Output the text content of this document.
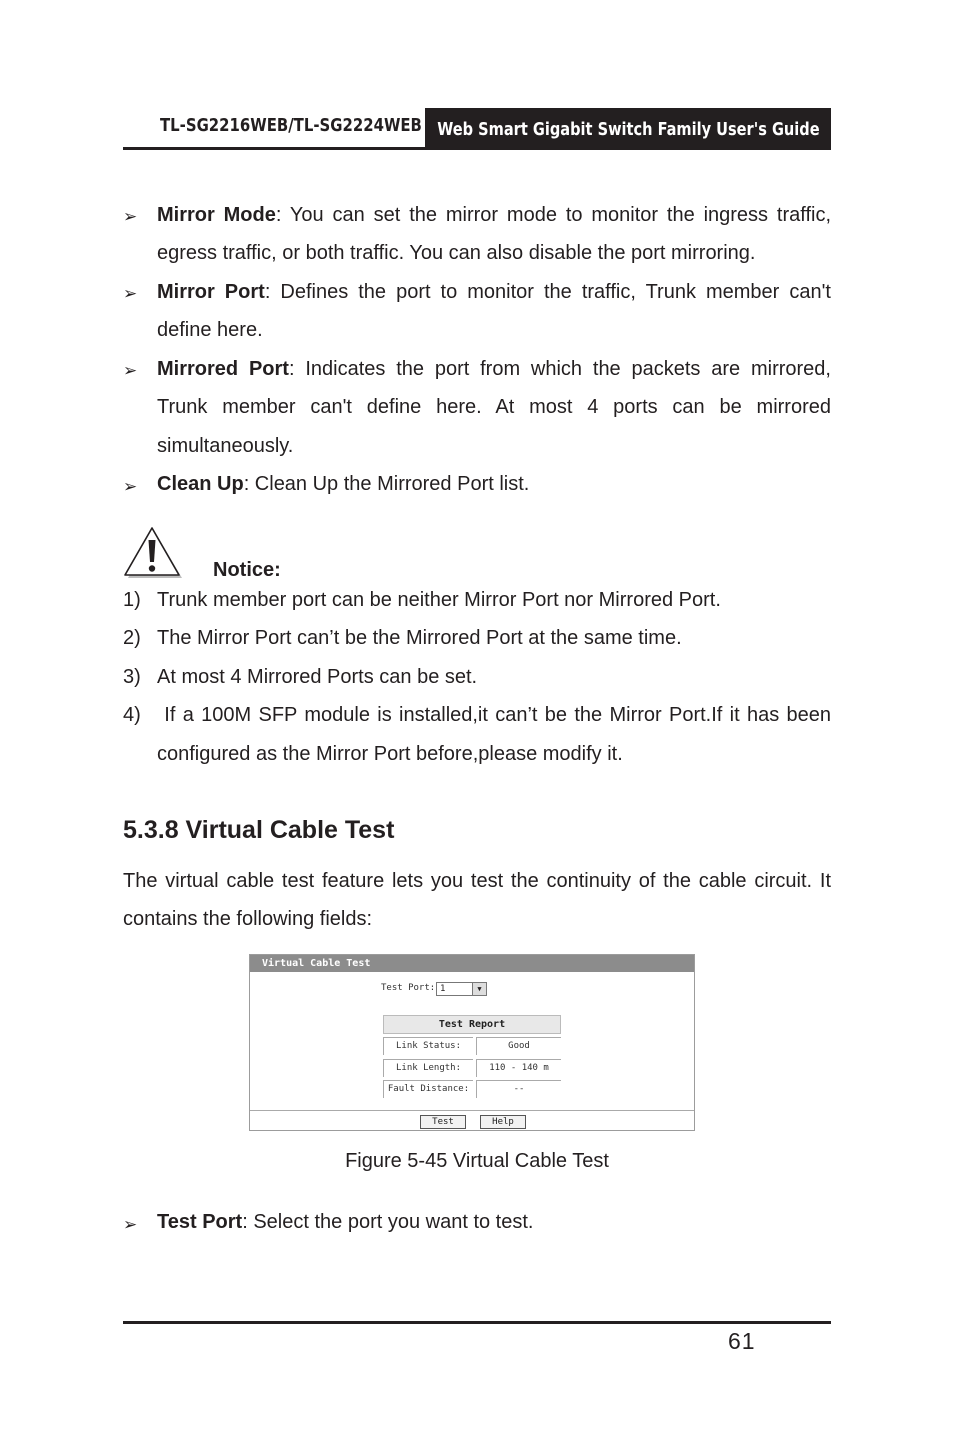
TL-SG2216WEB/TL-SG2224WEB Web Smart Gigabit Switch Family User's Guide
➢ Mirror Mode: You can set the mirror mode to monitor the ingress traffic,
egress traffic, or both traffic. You can also disable the port mirroring.
➢ Mirror Port: Defines the port to monitor the traffic, Trunk member can't
define here.
➢ Mirrored Port: Indicates the port from which the packets are mirrored,
Trunk member can't define here. At most 4 ports can be mirrored
simultaneously.
➢ Clean Up: Clean Up the Mirrored Port list.
Notice:
1) Trunk member port can be neither Mirror Port nor Mirrored Port.
2) The Mirror Port can’t be the Mirrored Port at the same time.
3) At most 4 Mirrored Ports can be set.
4) If a 100M SFP module is installed,it can’t be the Mirror Port.If it has been
configured as the Mirror Port before,please modify it.
5.3.8 Virtual Cable Test
The virtual cable test feature lets you test the continuity of the cable circuit. It
contains the following fields:
Virtual Cable Test
Test Port: 1	▼
Test Report
Link Status:	Good
Link Length:	110 - 140 m
Fault Distance:	--
Test	Help
Figure 5-45 Virtual Cable Test
➢ Test Port: Select the port you want to test.
61
